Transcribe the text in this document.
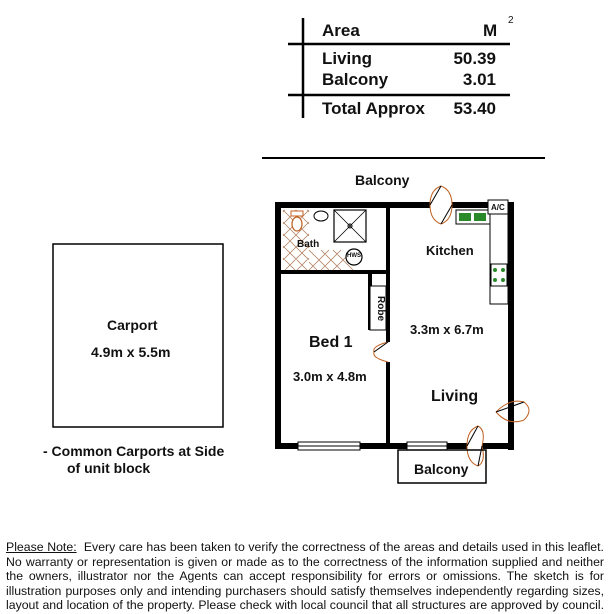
Area	M
2
Living	50.39
Balcony	3.01
Total Approx	53.40
Balcony
A/C
Kitchen
Bath
HWS
Robe
Bed 1
3.0m x 4.8m
3.3m x 6.7m
Living
Balcony
Carport
4.9m x 5.5m
- Common Carports at Side
of unit block

Please Note: Every care has been taken to verify the correctness of the areas and details used in this leaflet.

No warranty or representation is given or made as to the correctness of the information supplied and neither

the owners, illustrator nor the Agents can accept responsibility for errors or omissions. The sketch is for

illustration purposes only and intending purchasers should satisfy themselves independently regarding sizes,

layout and location of the property. Please check with local council that all structures are approved by council.
